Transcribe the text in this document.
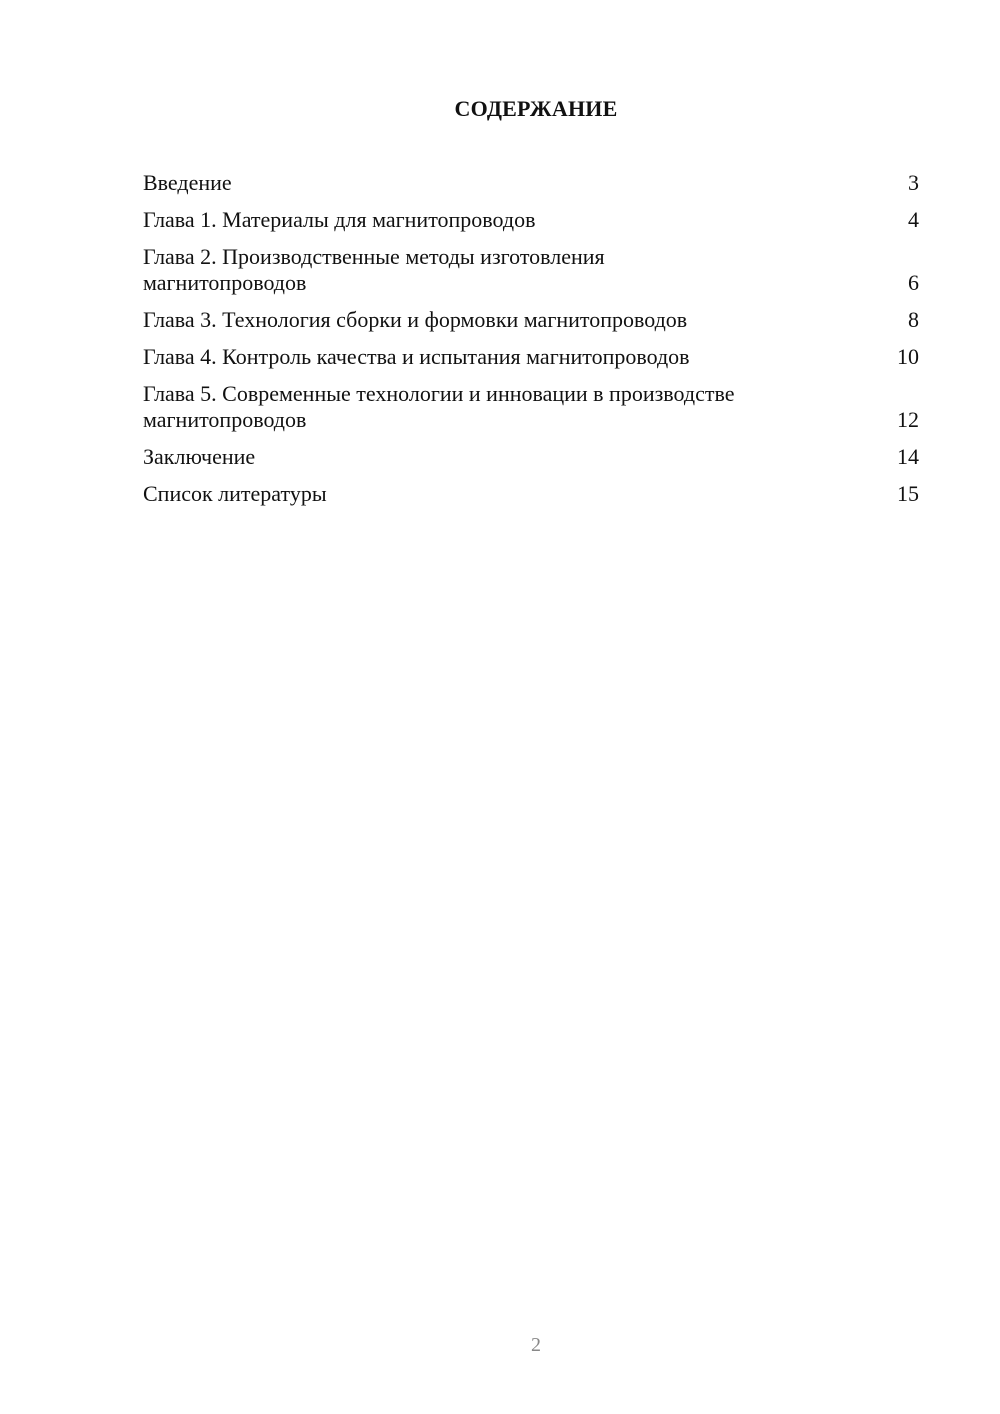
СОДЕРЖАНИЕ
Введение	3
Глава 1. Материалы для магнитопроводов	4
Глава 2. Производственные методы изготовления
магнитопроводов	6
Глава 3. Технология сборки и формовки магнитопроводов	8
Глава 4. Контроль качества и испытания магнитопроводов	10
Глава 5. Современные технологии и инновации в производстве
магнитопроводов	12
Заключение	14
Список литературы	15
2
